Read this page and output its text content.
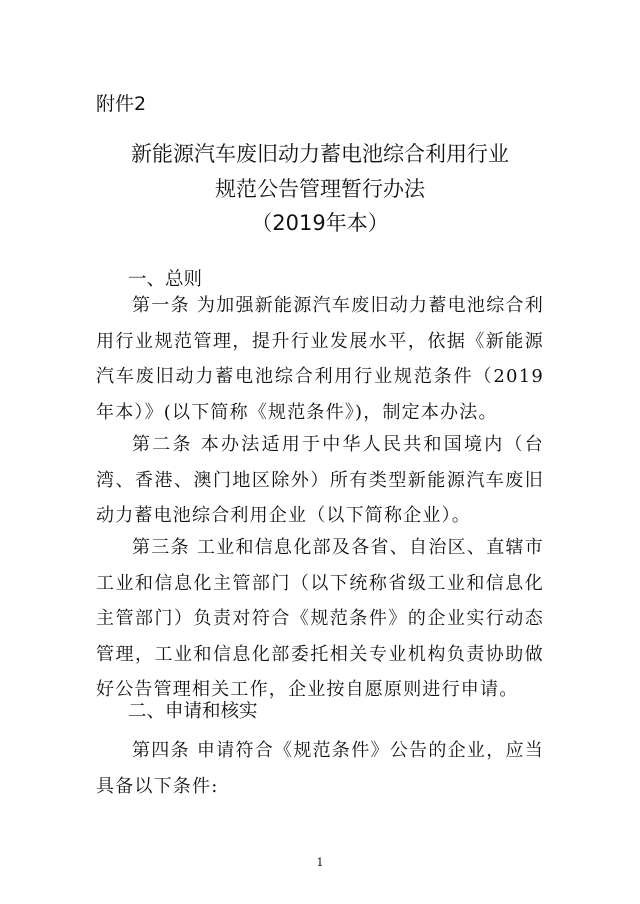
附件2

新能源汽车废旧动力蓄电池综合利用行业

规范公告管理暂行办法

（2019年本）

一、总则

第一条 为加强新能源汽车废旧动力蓄电池综合利用行业规范管理，提升行业发展水平，依据《新能源汽车废旧动力蓄电池综合利用行业规范条件（2019年本）》(以下简称《规范条件》)，制定本办法。

第二条 本办法适用于中华人民共和国境内（台湾、香港、澳门地区除外）所有类型新能源汽车废旧动力蓄电池综合利用企业（以下简称企业）。

第三条 工业和信息化部及各省、自治区、直辖市工业和信息化主管部门（以下统称省级工业和信息化主管部门）负责对符合《规范条件》的企业实行动态管理，工业和信息化部委托相关专业机构负责协助做好公告管理相关工作，企业按自愿原则进行申请。

二、申请和核实

第四条 申请符合《规范条件》公告的企业，应当具备以下条件:

1
